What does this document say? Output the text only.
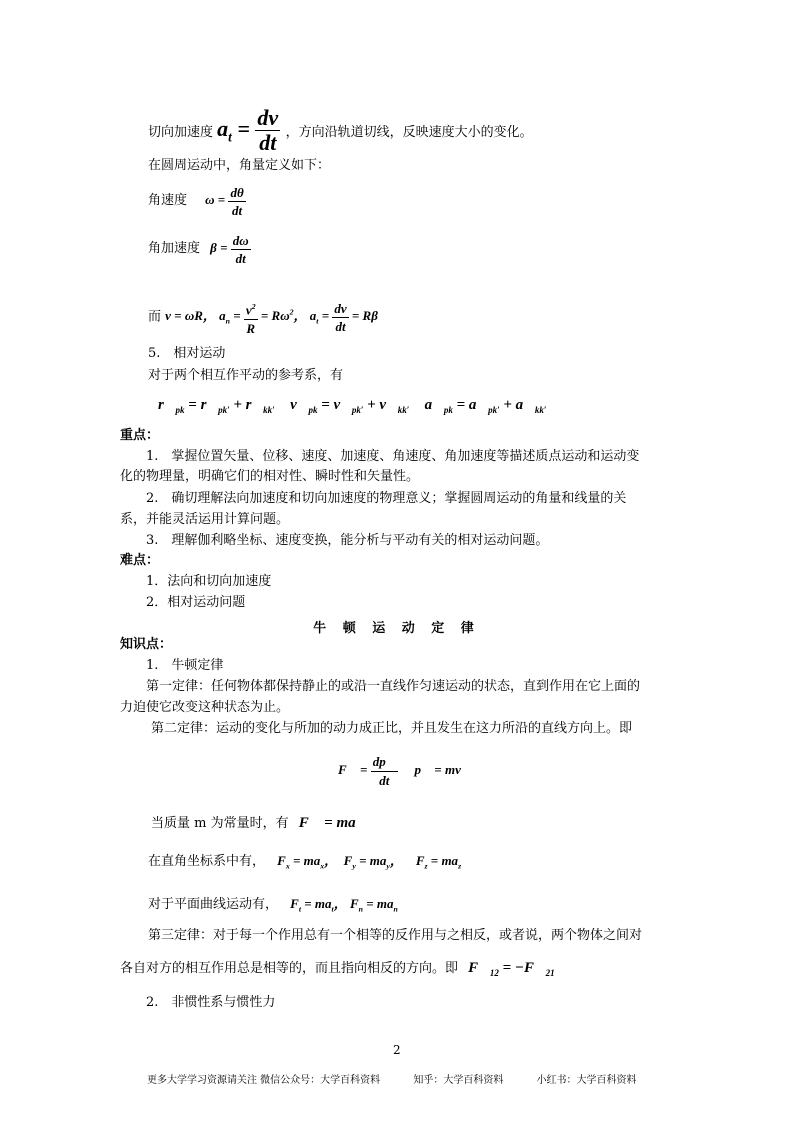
切向加速度 $a_t = \frac{dv}{dt}$ ，方向沿轨道切线，反映速度大小的变化。
在圆周运动中，角量定义如下：
角速度 $\omega = \frac{d\theta}{dt}$
角加速度 $\beta = \frac{d\omega}{dt}$
而 v = ωR， $a_n = \frac{v^2}{R} = R\omega^2$， $a_t = \frac{dv}{dt} = R\beta$
5.　相对运动
对于两个相互作平动的参考系，有
$r⃗_{pk}$ = $r⃗_{pk'}$ + $r⃗_{kk'}$， $v⃗_{pk}$ = $v⃗_{pk'}$ + $v⃗_{kk'}$， $a⃗_{pk}$ = $a⃗_{pk'}$ + $a⃗_{kk'}$
重点：
1.　掌握位置矢量、位移、速度、加速度、角速度、角加速度等描述质点运动和运动变
化的物理量，明确它们的相对性、瞬时性和矢量性。
2.　确切理解法向加速度和切向加速度的物理意义；掌握圆周运动的角量和线量的关
系，并能灵活运用计算问题。
3.　理解伽利略坐标、速度变换，能分析与平动有关的相对运动问题。
难点：
1．法向和切向加速度
2．相对运动问题
牛 顿 运 动 定 律
知识点：
1.　牛顿定律
第一定律：任何物体都保持静止的或沿一直线作匀速运动的状态，直到作用在它上面的
力迫使它改变这种状态为止。
第二定律：运动的变化与所加的动力成正比，并且发生在这力所沿的直线方向上。即
F⃗ = $\frac{dp⃗}{dt}$ ， p⃗ = mv⃗
当质量 m 为常量时，有 F⃗ = ma⃗
在直角坐标系中有， $F_x = ma_x$，  $F_y = ma_y$，    $F_z = ma_z$
对于平面曲线运动有， $F_t = ma_t$， $F_n = ma_n$
第三定律：对于每一个作用总有一个相等的反作用与之相反，或者说，两个物体之间对
各自对方的相互作用总是相等的，而且指向相反的方向。即 $F⃗_{12}$ = $-F⃗_{21}$
2.　非惯性系与惯性力
2
更多大学学习资源请关注 微信公众号：大学百科资料	知乎：大学百科资料	小红书：大学百科资料
